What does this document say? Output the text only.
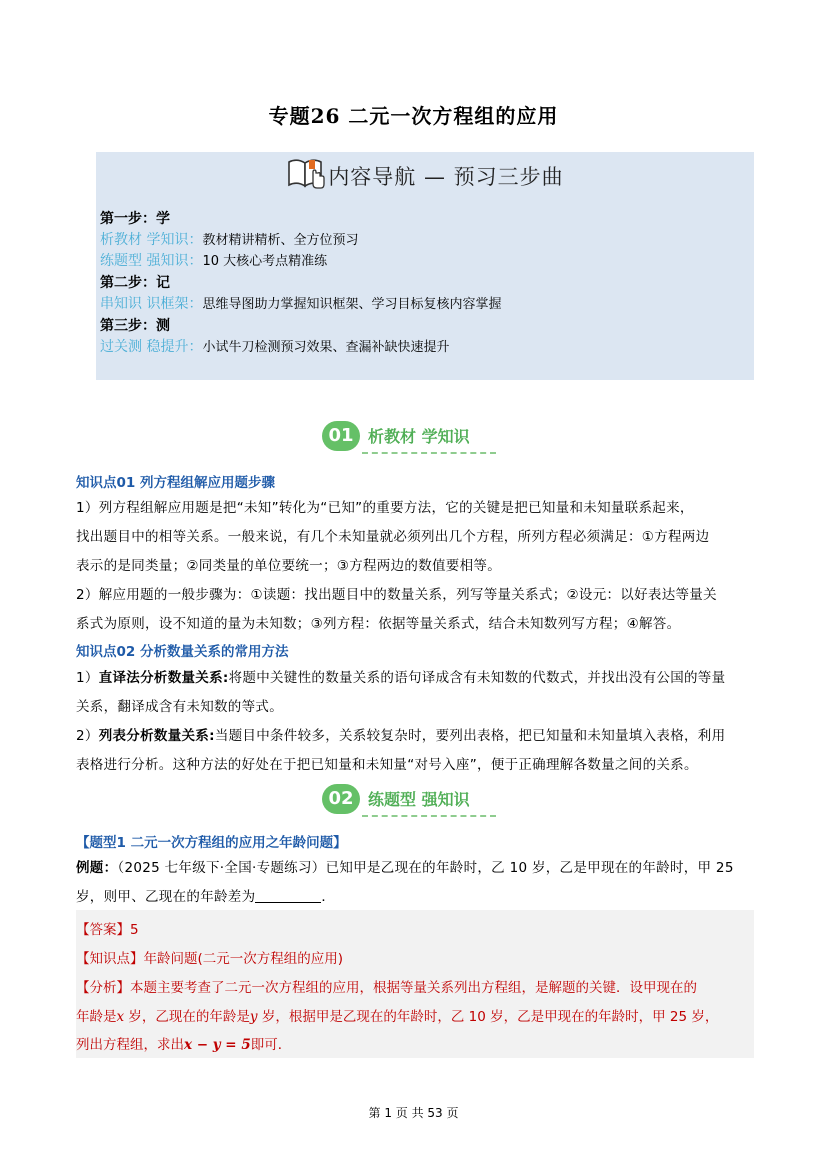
专题26 二元一次方程组的应用
内容导航 — 预习三步曲
第一步：学
析教材 学知识：教材精讲精析、全方位预习
练题型 强知识：10 大核心考点精准练
第二步：记
串知识 识框架：思维导图助力掌握知识框架、学习目标复核内容掌握
第三步：测
过关测 稳提升：小试牛刀检测预习效果、查漏补缺快速提升
01 析教材 学知识
知识点01 列方程组解应用题步骤
1）列方程组解应用题是把“未知”转化为“已知”的重要方法，它的关键是把已知量和未知量联系起来，
找出题目中的相等关系。一般来说，有几个未知量就必须列出几个方程，所列方程必须满足：①方程两边
表示的是同类量；②同类量的单位要统一；③方程两边的数值要相等。
2）解应用题的一般步骤为：①读题：找出题目中的数量关系，列写等量关系式；②设元：以好表达等量关
系式为原则，设不知道的量为未知数；③列方程：依据等量关系式，结合未知数列写方程；④解答。
知识点02 分析数量关系的常用方法
1）直译法分析数量关系:将题中关键性的数量关系的语句译成含有未知数的代数式，并找出没有公国的等量
关系，翻译成含有未知数的等式。
2）列表分析数量关系:当题目中条件较多，关系较复杂时，要列出表格，把已知量和未知量填入表格，利用
表格进行分析。这种方法的好处在于把已知量和未知量“对号入座”，便于正确理解各数量之间的关系。
02 练题型 强知识
【题型1 二元一次方程组的应用之年龄问题】
例题：（2025 七年级下·全国·专题练习）已知甲是乙现在的年龄时，乙 10 岁，乙是甲现在的年龄时，甲 25
岁，则甲、乙现在的年龄差为	．
【答案】5
【知识点】年龄问题(二元一次方程组的应用)
【分析】本题主要考查了二元一次方程组的应用，根据等量关系列出方程组，是解题的关键．设甲现在的
年龄是x 岁，乙现在的年龄是y 岁，根据甲是乙现在的年龄时，乙 10 岁，乙是甲现在的年龄时，甲 25 岁，
列出方程组，求出x − y = 5即可．
第 1 页 共 53 页
